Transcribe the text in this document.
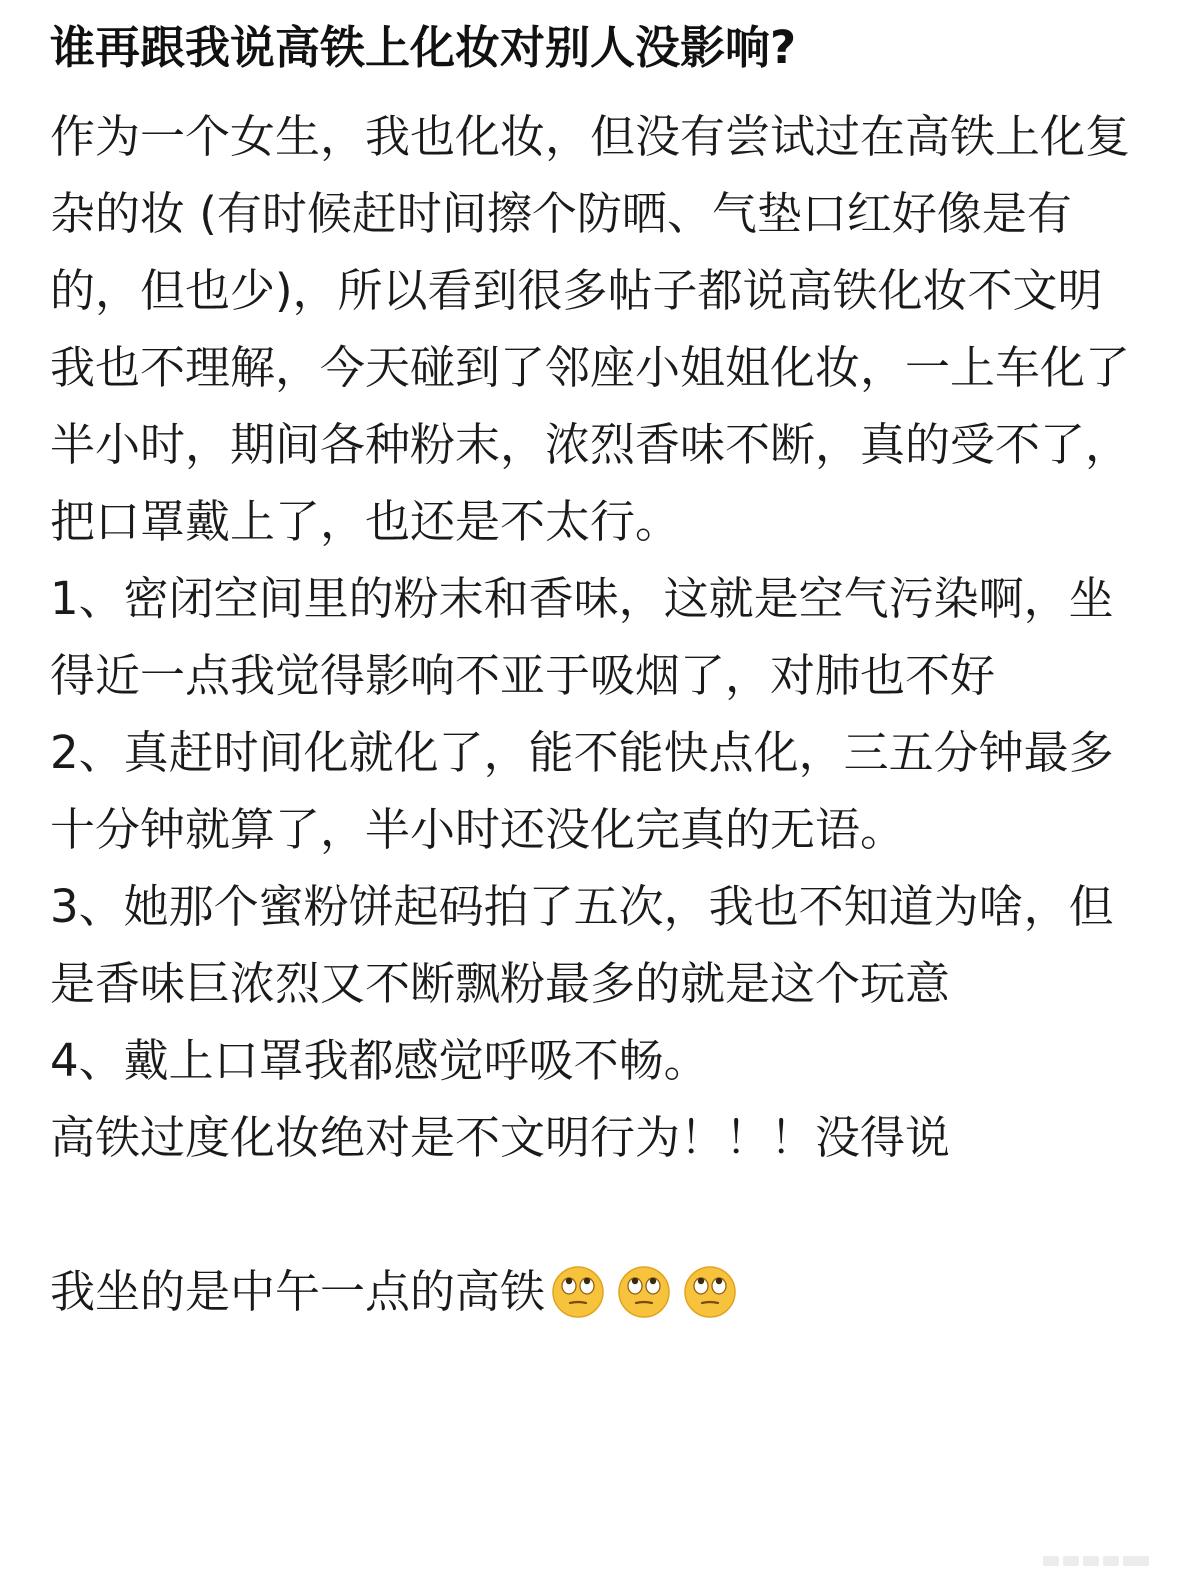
谁再跟我说高铁上化妆对别人没影响?

作为一个女生，我也化妆，但没有尝试过在高铁上化复杂的妆 (有时候赶时间擦个防晒、气垫口红好像是有的，但也少)，所以看到很多帖子都说高铁化妆不文明我也不理解，今天碰到了邻座小姐姐化妆，一上车化了半小时，期间各种粉末，浓烈香味不断，真的受不了，把口罩戴上了，也还是不太行。

1、密闭空间里的粉末和香味，这就是空气污染啊，坐得近一点我觉得影响不亚于吸烟了，对肺也不好

2、真赶时间化就化了，能不能快点化，三五分钟最多十分钟就算了，半小时还没化完真的无语。

3、她那个蜜粉饼起码拍了五次，我也不知道为啥，但是香味巨浓烈又不断飘粉最多的就是这个玩意

4、戴上口罩我都感觉呼吸不畅。

高铁过度化妆绝对是不文明行为！！！没得说

我坐的是中午一点的高铁
